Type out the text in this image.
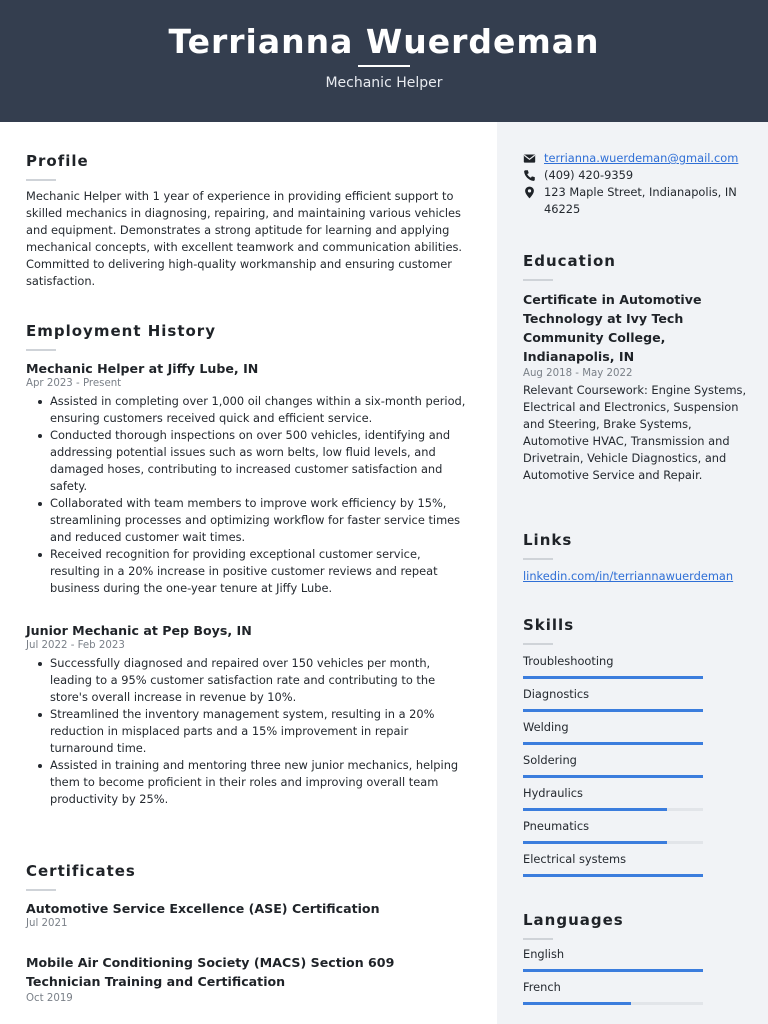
Terrianna Wuerdeman
Mechanic Helper
Profile
Mechanic Helper with 1 year of experience in providing efficient support to skilled mechanics in diagnosing, repairing, and maintaining various vehicles and equipment. Demonstrates a strong aptitude for learning and applying mechanical concepts, with excellent teamwork and communication abilities. Committed to delivering high-quality workmanship and ensuring customer satisfaction.
Employment History
Mechanic Helper at Jiffy Lube, IN
Apr 2023 - Present
Assisted in completing over 1,000 oil changes within a six-month period, ensuring customers received quick and efficient service.
Conducted thorough inspections on over 500 vehicles, identifying and addressing potential issues such as worn belts, low fluid levels, and damaged hoses, contributing to increased customer satisfaction and safety.
Collaborated with team members to improve work efficiency by 15%, streamlining processes and optimizing workflow for faster service times and reduced customer wait times.
Received recognition for providing exceptional customer service, resulting in a 20% increase in positive customer reviews and repeat business during the one-year tenure at Jiffy Lube.
Junior Mechanic at Pep Boys, IN
Jul 2022 - Feb 2023
Successfully diagnosed and repaired over 150 vehicles per month, leading to a 95% customer satisfaction rate and contributing to the store's overall increase in revenue by 10%.
Streamlined the inventory management system, resulting in a 20% reduction in misplaced parts and a 15% improvement in repair turnaround time.
Assisted in training and mentoring three new junior mechanics, helping them to become proficient in their roles and improving overall team productivity by 25%.
Certificates
Automotive Service Excellence (ASE) Certification
Jul 2021
Mobile Air Conditioning Society (MACS) Section 609 Technician Training and Certification
Oct 2019
terrianna.wuerdeman@gmail.com
(409) 420-9359
123 Maple Street, Indianapolis, IN 46225
Education
Certificate in Automotive Technology at Ivy Tech Community College, Indianapolis, IN
Aug 2018 - May 2022
Relevant Coursework: Engine Systems, Electrical and Electronics, Suspension and Steering, Brake Systems, Automotive HVAC, Transmission and Drivetrain, Vehicle Diagnostics, and Automotive Service and Repair.
Links
linkedin.com/in/terriannawuerdeman
Skills
Troubleshooting
Diagnostics
Welding
Soldering
Hydraulics
Pneumatics
Electrical systems
Languages
English
French
